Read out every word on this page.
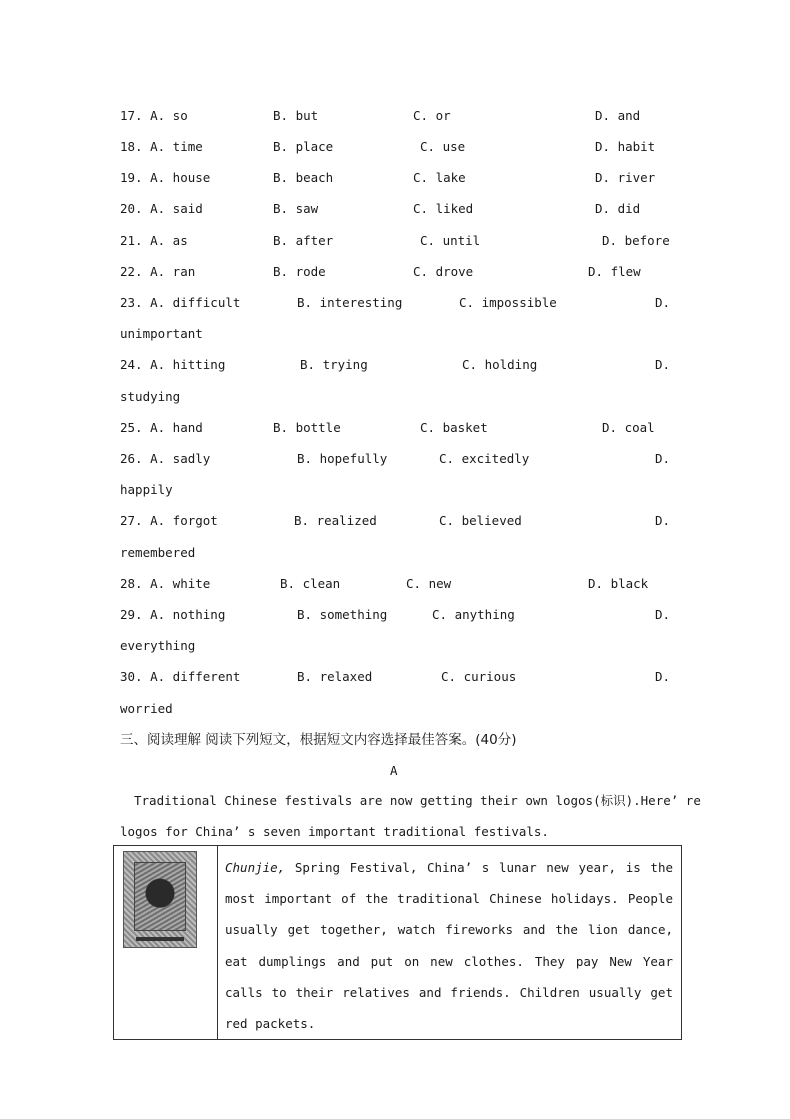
17. A. so	B. but	C. or	D. and
18. A. time	B. place	C. use	D. habit
19. A. house	B. beach	C. lake	D. river
20. A. said	B. saw	C. liked	D. did
21. A. as	B. after	C. until	D. before
22. A. ran	B. rode	C. drove	D. flew
23. A. difficult	B. interesting	C. impossible	D.
unimportant
24. A. hitting	B. trying	C. holding	D.
studying
25. A. hand	B. bottle	C. basket	D. coal
26. A. sadly	B. hopefully	C. excitedly	D.
happily
27. A. forgot	B. realized	C. believed	D.
remembered
28. A. white	B. clean	C. new	D. black
29. A. nothing	B. something	C. anything	D.
everything
30. A. different	B. relaxed	C. curious	D.
worried
三、阅读理解 阅读下列短文，根据短文内容选择最佳答案。(40分)
A
Traditional Chinese festivals are now getting their own logos(标识).Here’ re
logos for China’ s seven important traditional festivals.

Chunjie, Spring Festival, China’ s lunar new year, is the most important of the traditional Chinese holidays. People usually get together, watch fireworks and the lion dance, eat dumplings and put on new clothes. They pay New Year calls to their relatives and friends. Children usually get red packets.
